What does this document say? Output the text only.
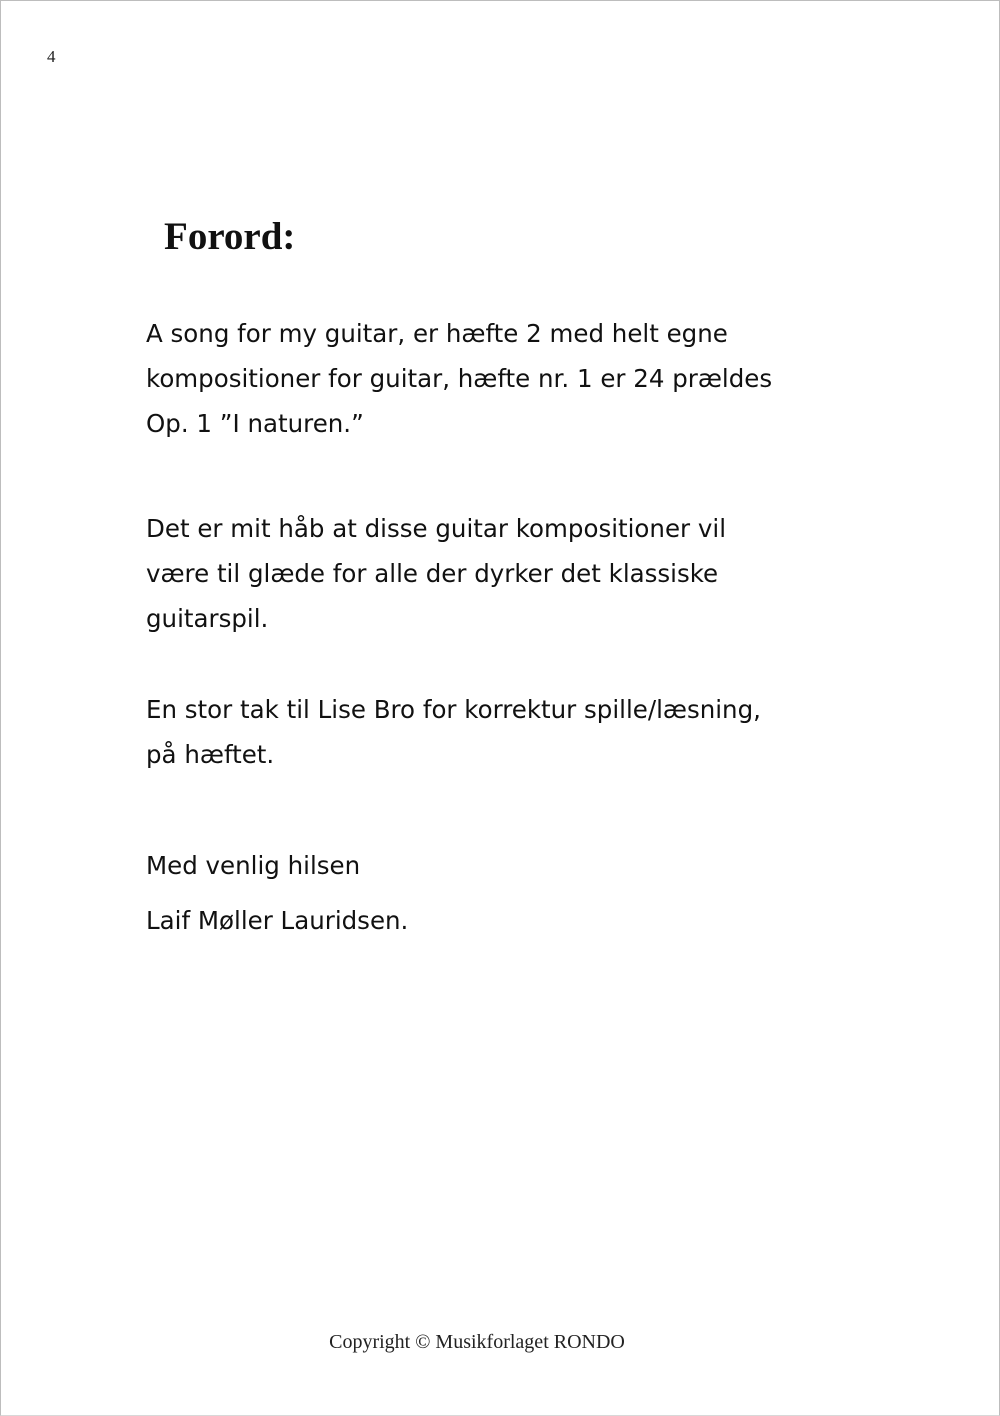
4
Forord:

A song for my guitar, er hæfte 2 med helt egne
kompositioner for guitar, hæfte nr. 1 er 24 prældes
Op. 1 ”I naturen.”

Det er mit håb at disse guitar kompositioner vil
være til glæde for alle der dyrker det klassiske
guitarspil.

En stor tak til Lise Bro for korrektur spille/læsning,
på hæftet.

Med venlig hilsen
Laif Møller Lauridsen.

Copyright © Musikforlaget RONDO
